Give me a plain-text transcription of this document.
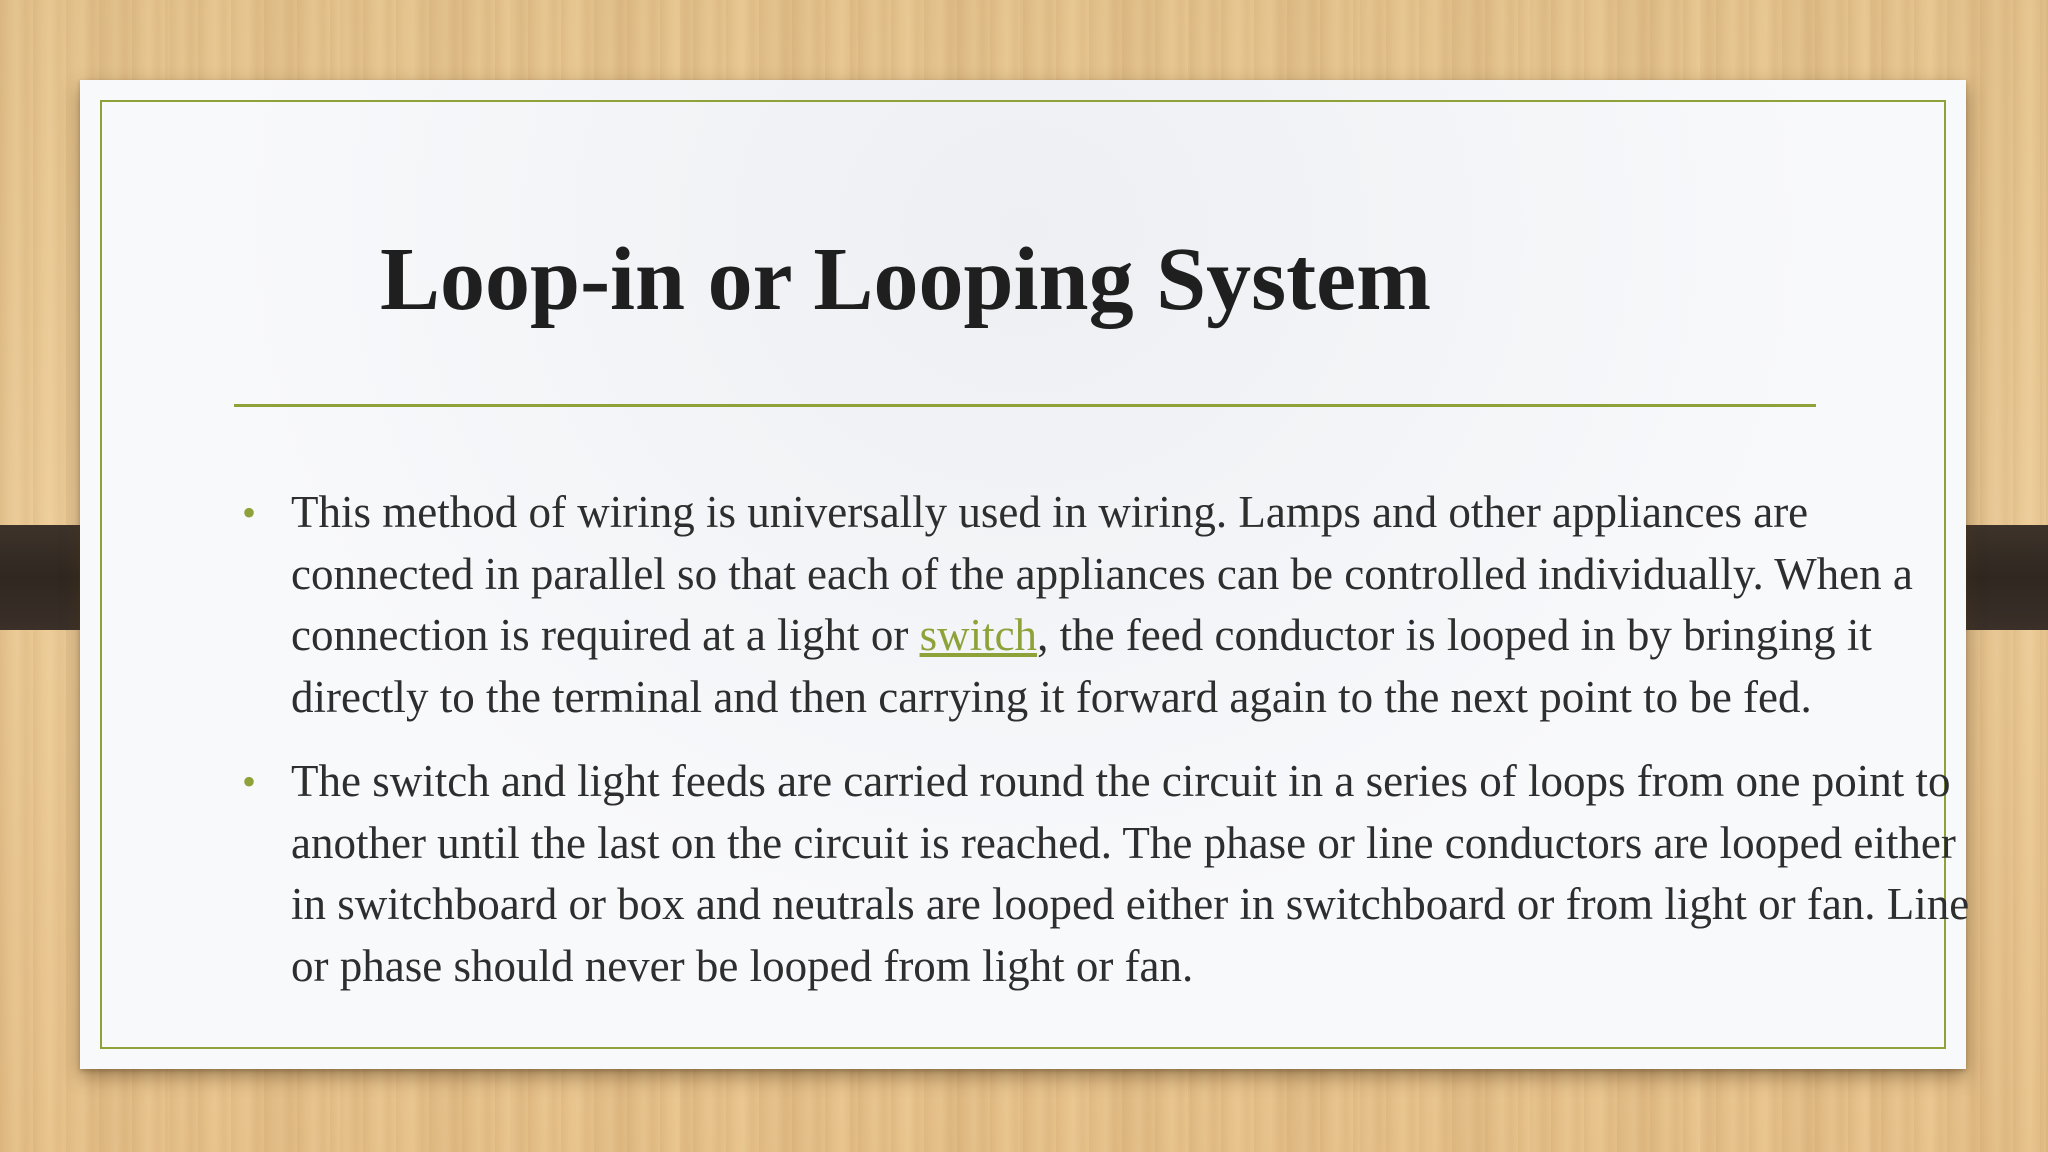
Loop-in or Looping System
• This method of wiring is universally used in wiring. Lamps and other appliances are connected in parallel so that each of the appliances can be controlled individually. When a connection is required at a light or switch, the feed conductor is looped in by bringing it directly to the terminal and then carrying it forward again to the next point to be fed.
• The switch and light feeds are carried round the circuit in a series of loops from one point to another until the last on the circuit is reached. The phase or line conductors are looped either in switchboard or box and neutrals are looped either in switchboard or from light or fan. Line or phase should never be looped from light or fan.
